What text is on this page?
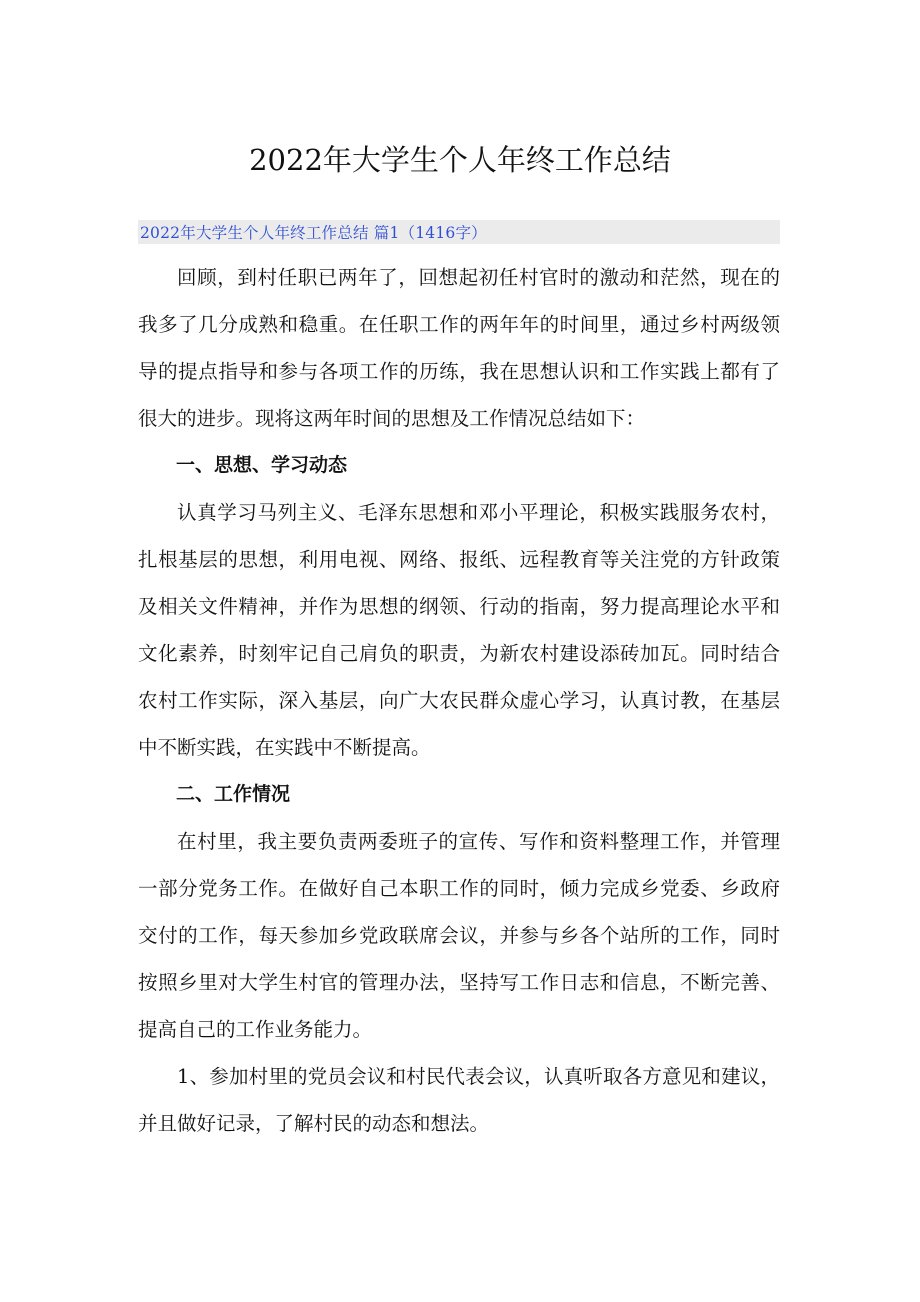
2022年大学生个人年终工作总结
2022年大学生个人年终工作总结 篇1（1416字）

回顾，到村任职已两年了，回想起初任村官时的激动和茫然，现在的我多了几分成熟和稳重。在任职工作的两年年的时间里，通过乡村两级领导的提点指导和参与各项工作的历练，我在思想认识和工作实践上都有了很大的进步。现将这两年时间的思想及工作情况总结如下：

一、思想、学习动态

认真学习马列主义、毛泽东思想和邓小平理论，积极实践服务农村，扎根基层的思想，利用电视、网络、报纸、远程教育等关注党的方针政策及相关文件精神，并作为思想的纲领、行动的指南，努力提高理论水平和文化素养，时刻牢记自己肩负的职责，为新农村建设添砖加瓦。同时结合农村工作实际，深入基层，向广大农民群众虚心学习，认真讨教，在基层中不断实践，在实践中不断提高。

二、工作情况

在村里，我主要负责两委班子的宣传、写作和资料整理工作，并管理一部分党务工作。在做好自己本职工作的同时，倾力完成乡党委、乡政府交付的工作，每天参加乡党政联席会议，并参与乡各个站所的工作，同时按照乡里对大学生村官的管理办法，坚持写工作日志和信息，不断完善、提高自己的工作业务能力。

1、参加村里的党员会议和村民代表会议，认真听取各方意见和建议，并且做好记录，了解村民的动态和想法。
